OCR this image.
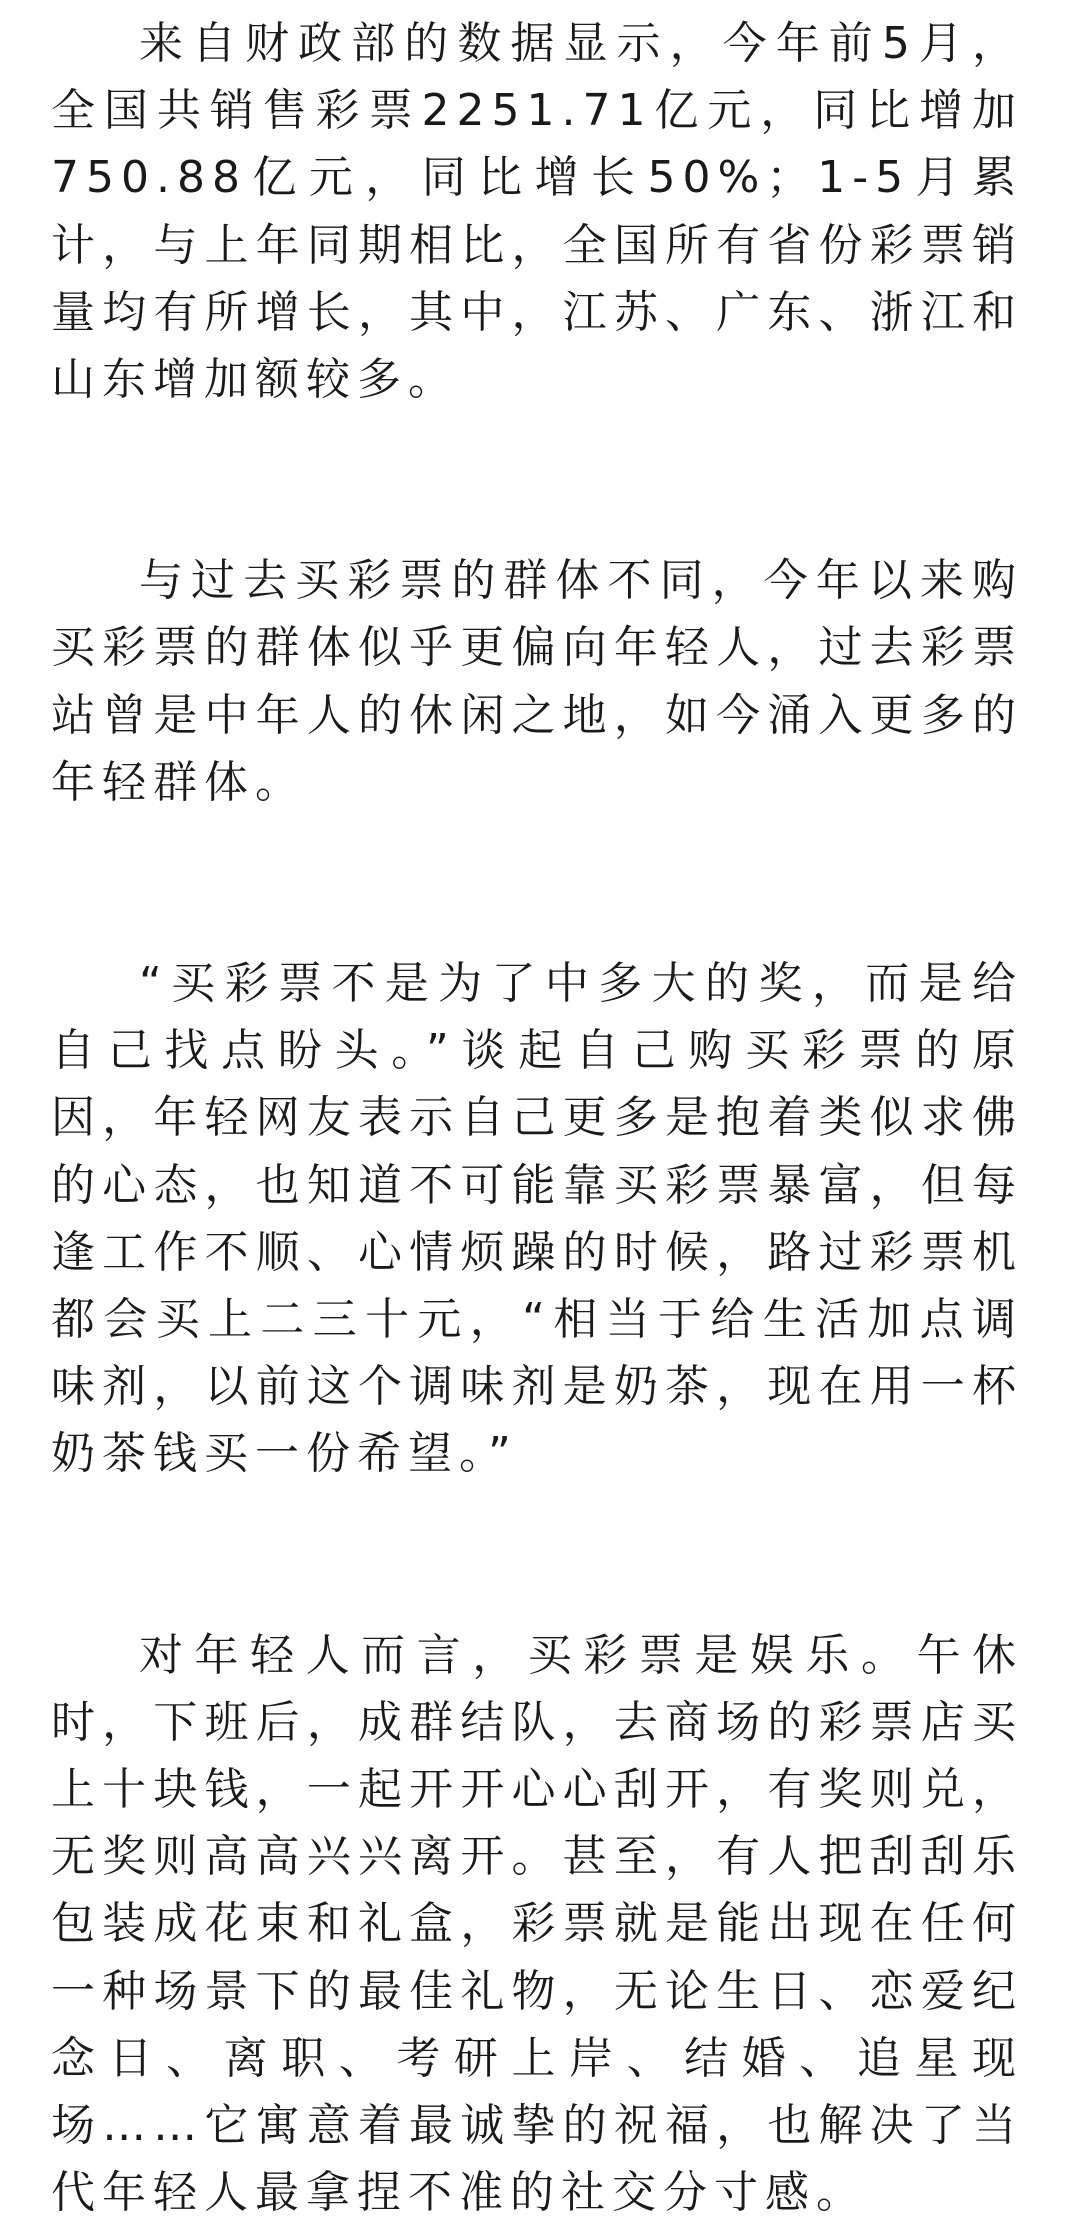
来自财政部的数据显示，今年前5月，全国共销售彩票2251.71亿元，同比增加750.88亿元，同比增长50%；1-5月累计，与上年同期相比，全国所有省份彩票销量均有所增长，其中，江苏、广东、浙江和山东增加额较多。

与过去买彩票的群体不同，今年以来购买彩票的群体似乎更偏向年轻人，过去彩票站曾是中年人的休闲之地，如今涌入更多的年轻群体。

“买彩票不是为了中多大的奖，而是给自己找点盼头。”谈起自己购买彩票的原因，年轻网友表示自己更多是抱着类似求佛的心态，也知道不可能靠买彩票暴富，但每逢工作不顺、心情烦躁的时候，路过彩票机都会买上二三十元，“相当于给生活加点调味剂，以前这个调味剂是奶茶，现在用一杯奶茶钱买一份希望。”

对年轻人而言，买彩票是娱乐。午休时，下班后，成群结队，去商场的彩票店买上十块钱，一起开开心心刮开，有奖则兑，无奖则高高兴兴离开。甚至，有人把刮刮乐包装成花束和礼盒，彩票就是能出现在任何一种场景下的最佳礼物，无论生日、恋爱纪念日、离职、考研上岸、结婚、追星现场……它寓意着最诚挚的祝福，也解决了当代年轻人最拿捏不准的社交分寸感。
